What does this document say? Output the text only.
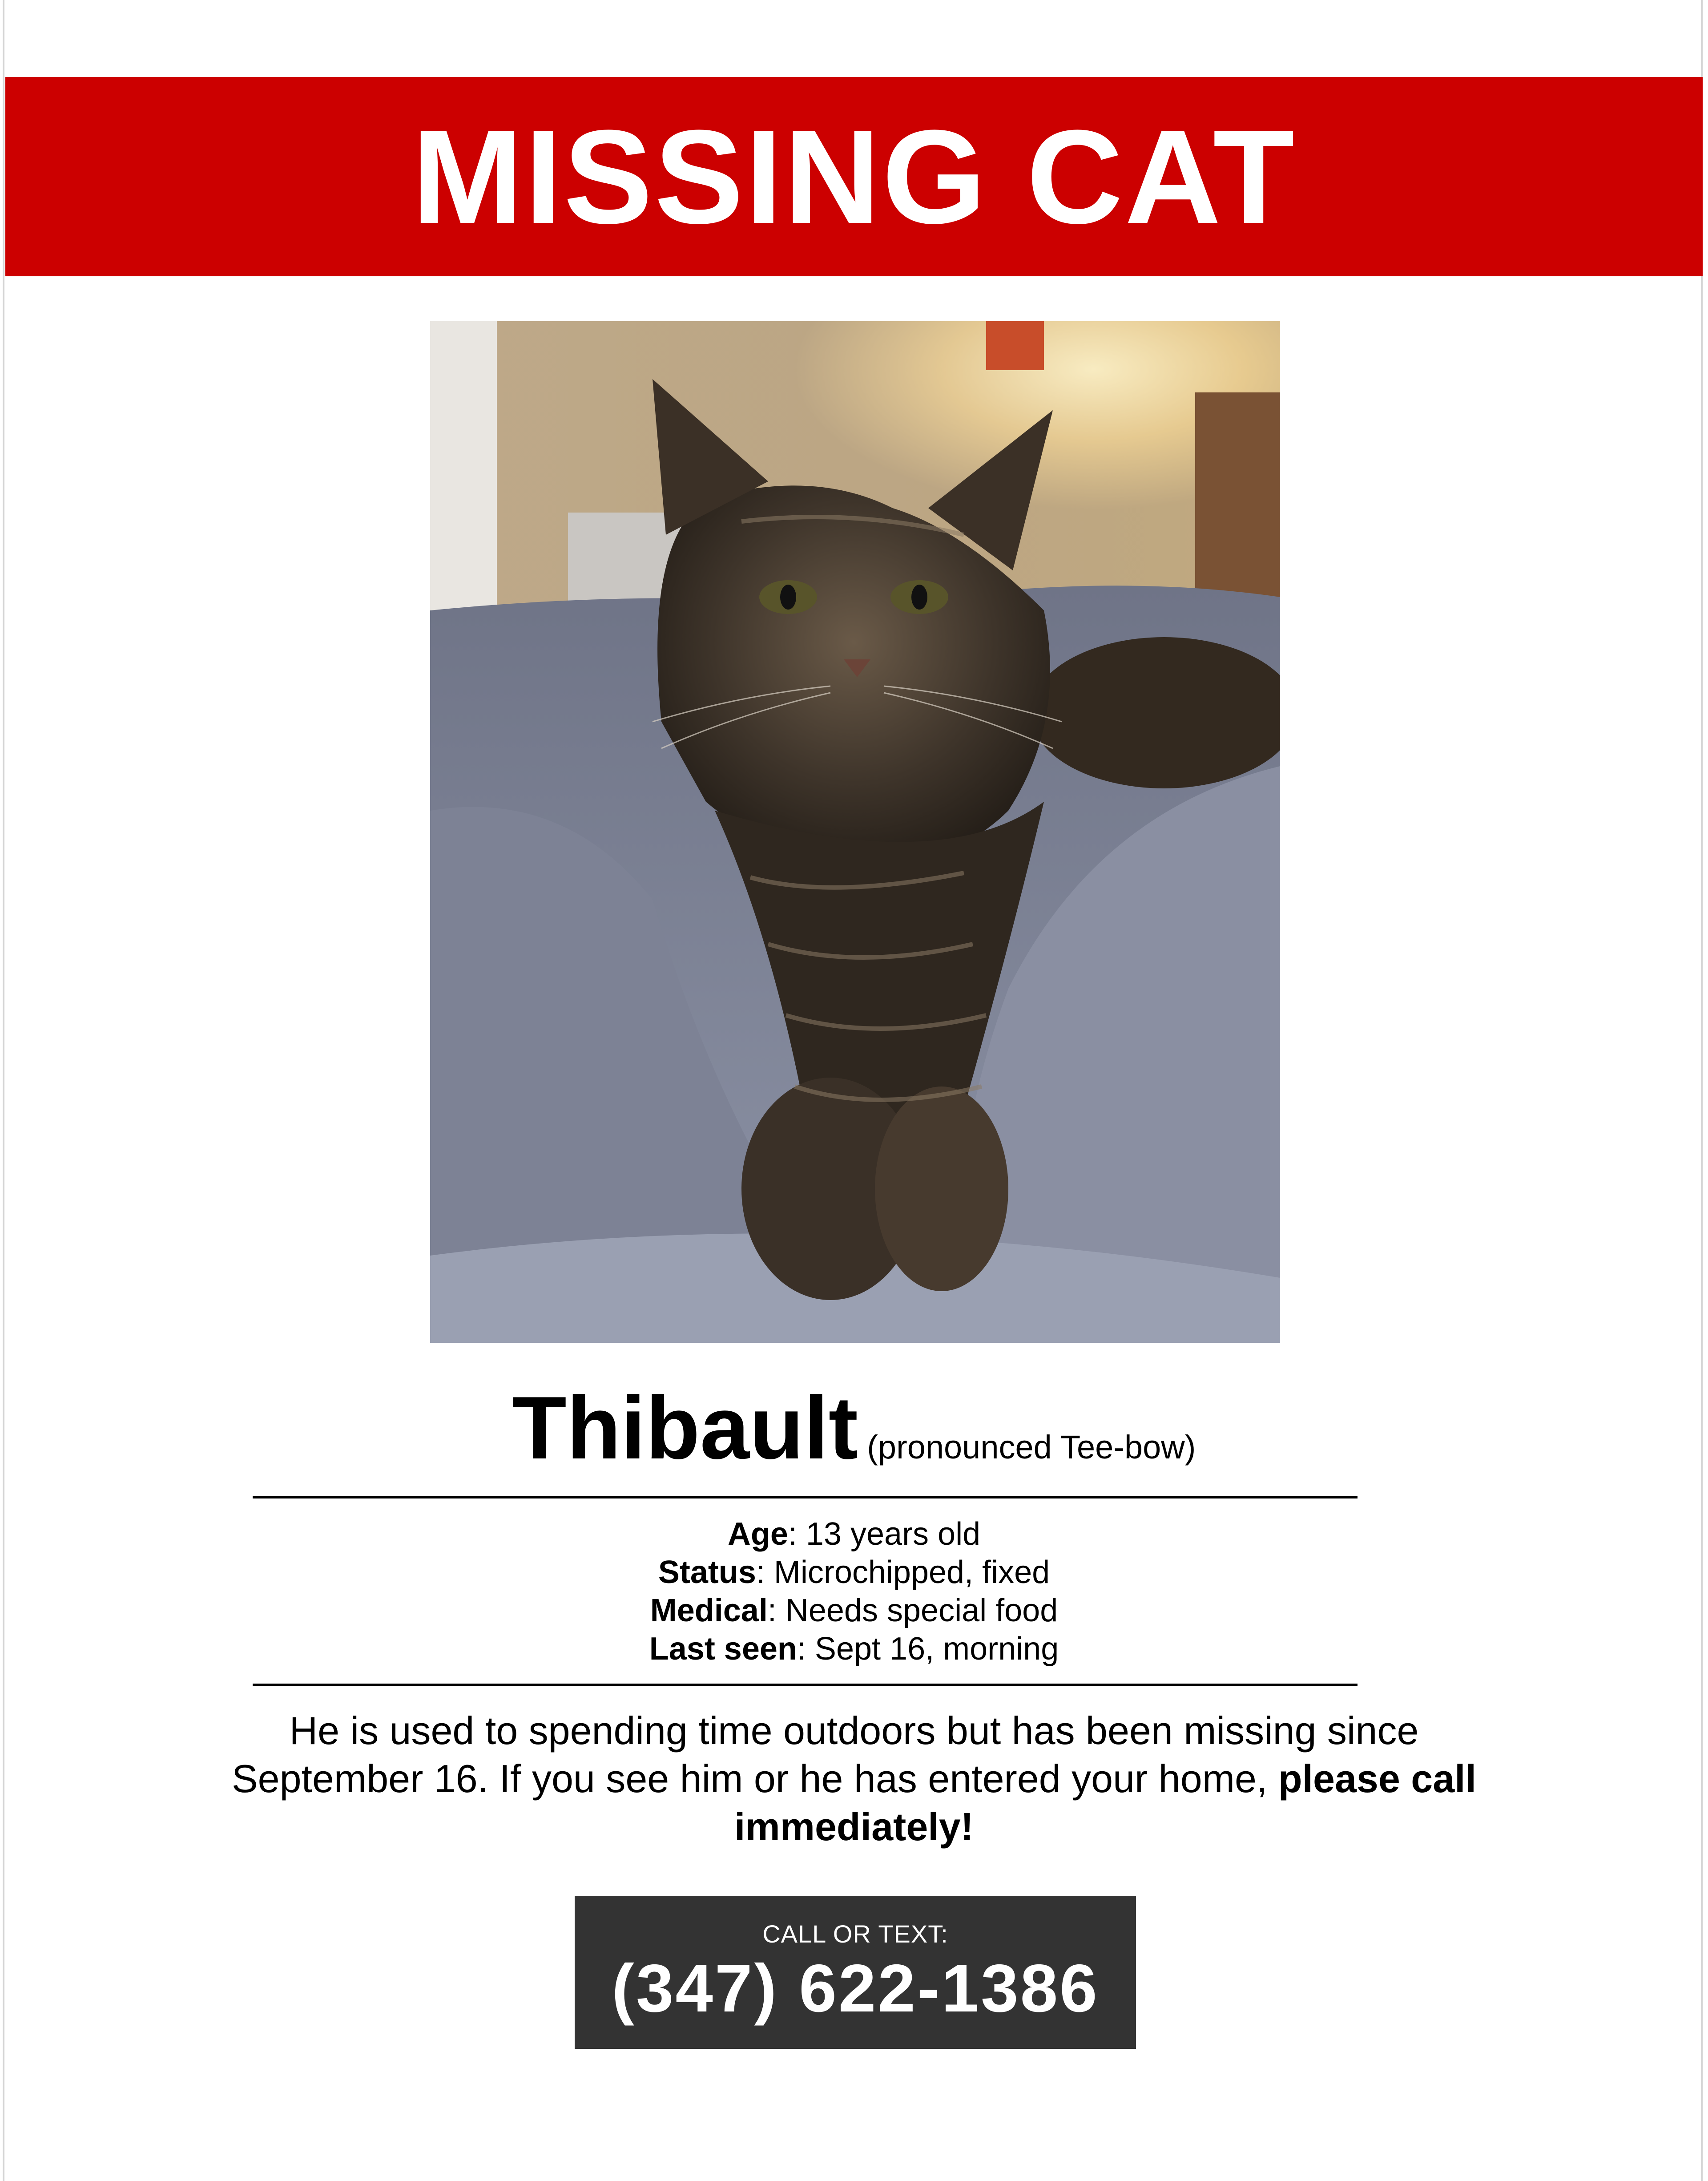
MISSING CAT
Thibault (pronounced Tee-bow)
Age: 13 years old
Status: Microchipped, fixed
Medical: Needs special food
Last seen: Sept 16, morning
He is used to spending time outdoors but has been missing since September 16. If you see him or he has entered your home, please call immediately!
CALL OR TEXT:
(347) 622-1386
